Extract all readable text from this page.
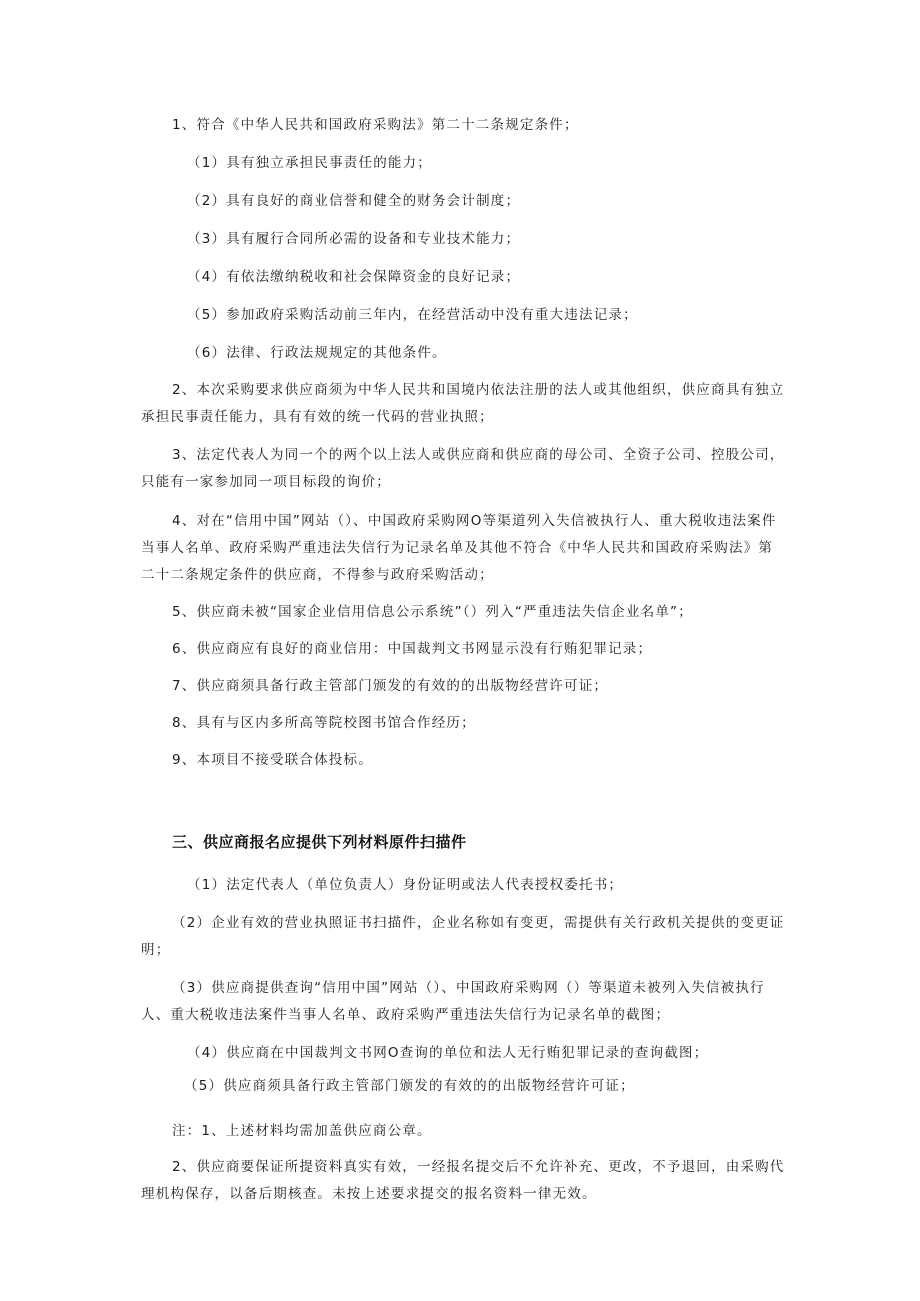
1、符合《中华人民共和国政府采购法》第二十二条规定条件；
（1）具有独立承担民事责任的能力；
（2）具有良好的商业信誉和健全的财务会计制度；
（3）具有履行合同所必需的设备和专业技术能力；
（4）有依法缴纳税收和社会保障资金的良好记录；
（5）参加政府采购活动前三年内，在经营活动中没有重大违法记录；
（6）法律、行政法规规定的其他条件。
2、本次采购要求供应商须为中华人民共和国境内依法注册的法人或其他组织，供应商具有独立承担民事责任能力，具有有效的统一代码的营业执照；
3、法定代表人为同一个的两个以上法人或供应商和供应商的母公司、全资子公司、控股公司，只能有一家参加同一项目标段的询价；
4、对在“信用中国”网站（）、中国政府采购网O等渠道列入失信被执行人、重大税收违法案件当事人名单、政府采购严重违法失信行为记录名单及其他不符合《中华人民共和国政府采购法》第二十二条规定条件的供应商，不得参与政府采购活动；
5、供应商未被“国家企业信用信息公示系统”（）列入“严重违法失信企业名单”；
6、供应商应有良好的商业信用：中国裁判文书网显示没有行贿犯罪记录；
7、供应商须具备行政主管部门颁发的有效的的出版物经营许可证；
8、具有与区内多所高等院校图书馆合作经历；
9、本项目不接受联合体投标。
三、供应商报名应提供下列材料原件扫描件
（1）法定代表人（单位负责人）身份证明或法人代表授权委托书；
（2）企业有效的营业执照证书扫描件，企业名称如有变更，需提供有关行政机关提供的变更证明；
（3）供应商提供查询“信用中国”网站（）、中国政府采购网（）等渠道未被列入失信被执行人、重大税收违法案件当事人名单、政府采购严重违法失信行为记录名单的截图；
（4）供应商在中国裁判文书网O查询的单位和法人无行贿犯罪记录的查询截图；
（5）供应商须具备行政主管部门颁发的有效的的出版物经营许可证；
注：1、上述材料均需加盖供应商公章。
2、供应商要保证所提资料真实有效，一经报名提交后不允许补充、更改，不予退回，由采购代理机构保存，以备后期核查。未按上述要求提交的报名资料一律无效。
